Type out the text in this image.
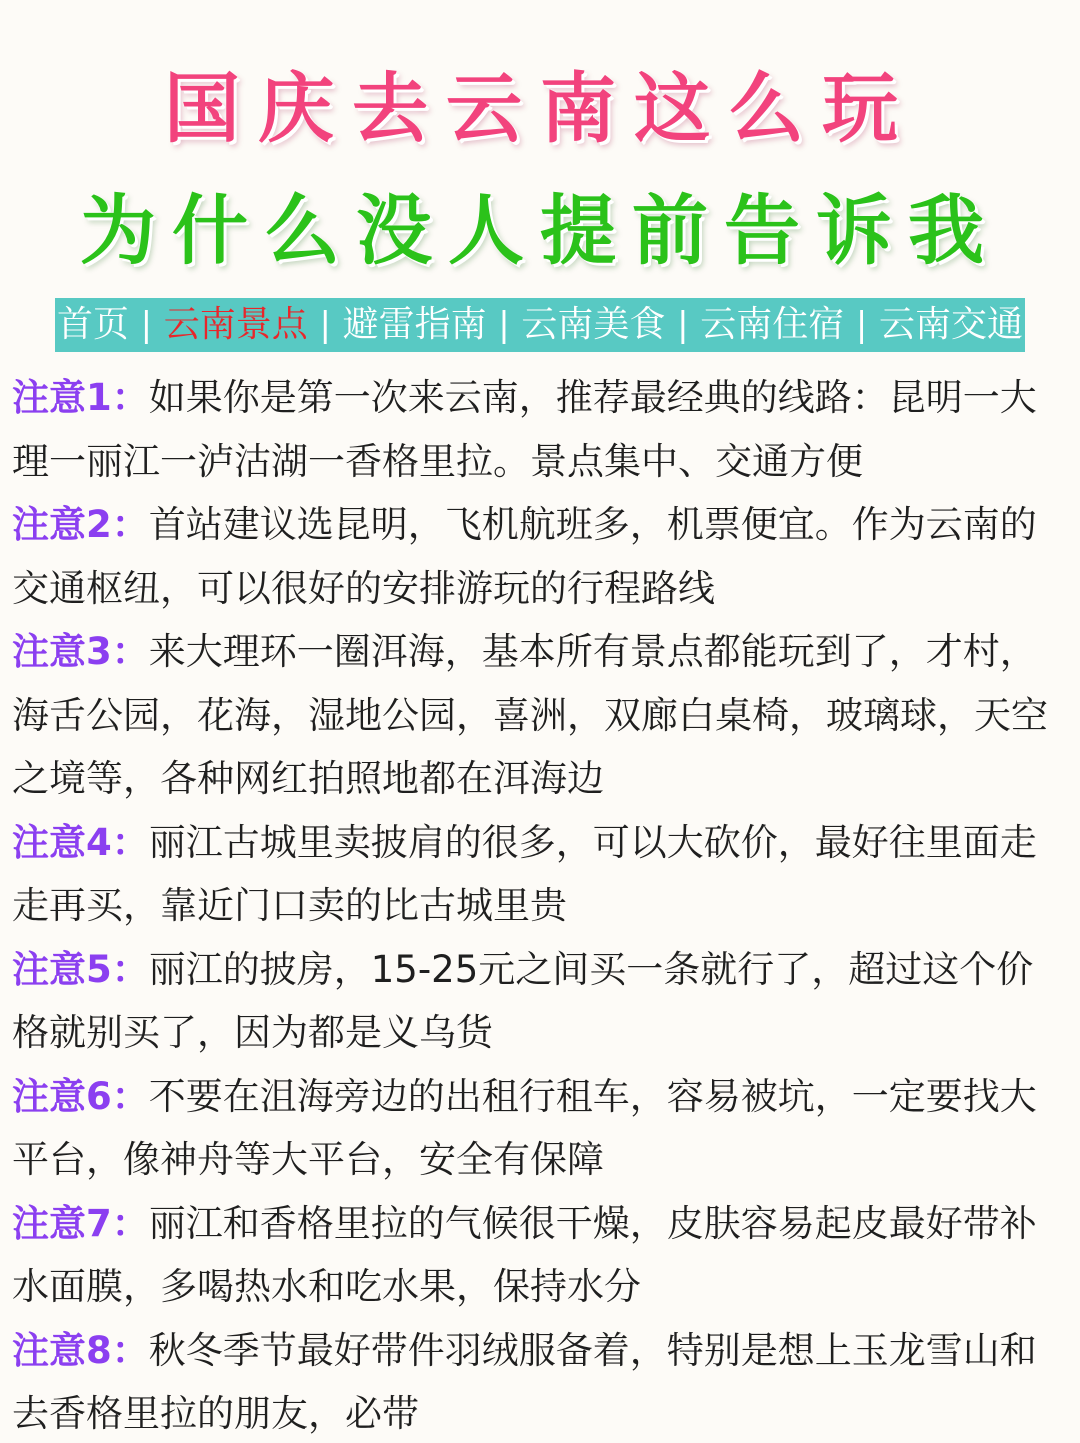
国庆去云南这么玩
为什么没人提前告诉我
首页 | 云南景点 | 避雷指南 | 云南美食 | 云南住宿 | 云南交通

注意1：如果你是第一次来云南，推荐最经典的线路：昆明一大理一丽江一泸沽湖一香格里拉。景点集中、交通方便

注意2：首站建议选昆明，飞机航班多，机票便宜。作为云南的交通枢纽，可以很好的安排游玩的行程路线

注意3：来大理环一圈洱海，基本所有景点都能玩到了，才村，海舌公园，花海，湿地公园，喜洲，双廊白桌椅，玻璃球，天空之境等，各种网红拍照地都在洱海边

注意4：丽江古城里卖披肩的很多，可以大砍价，最好往里面走走再买，靠近门口卖的比古城里贵

注意5：丽江的披房，15-25元之间买一条就行了，超过这个价格就别买了，因为都是义乌货

注意6：不要在沮海旁边的出租行租车，容易被坑，一定要找大平台，像神舟等大平台，安全有保障

注意7：丽江和香格里拉的气候很干燥，皮肤容易起皮最好带补水面膜，多喝热水和吃水果，保持水分

注意8：秋冬季节最好带件羽绒服备着，特别是想上玉龙雪山和去香格里拉的朋友，必带
